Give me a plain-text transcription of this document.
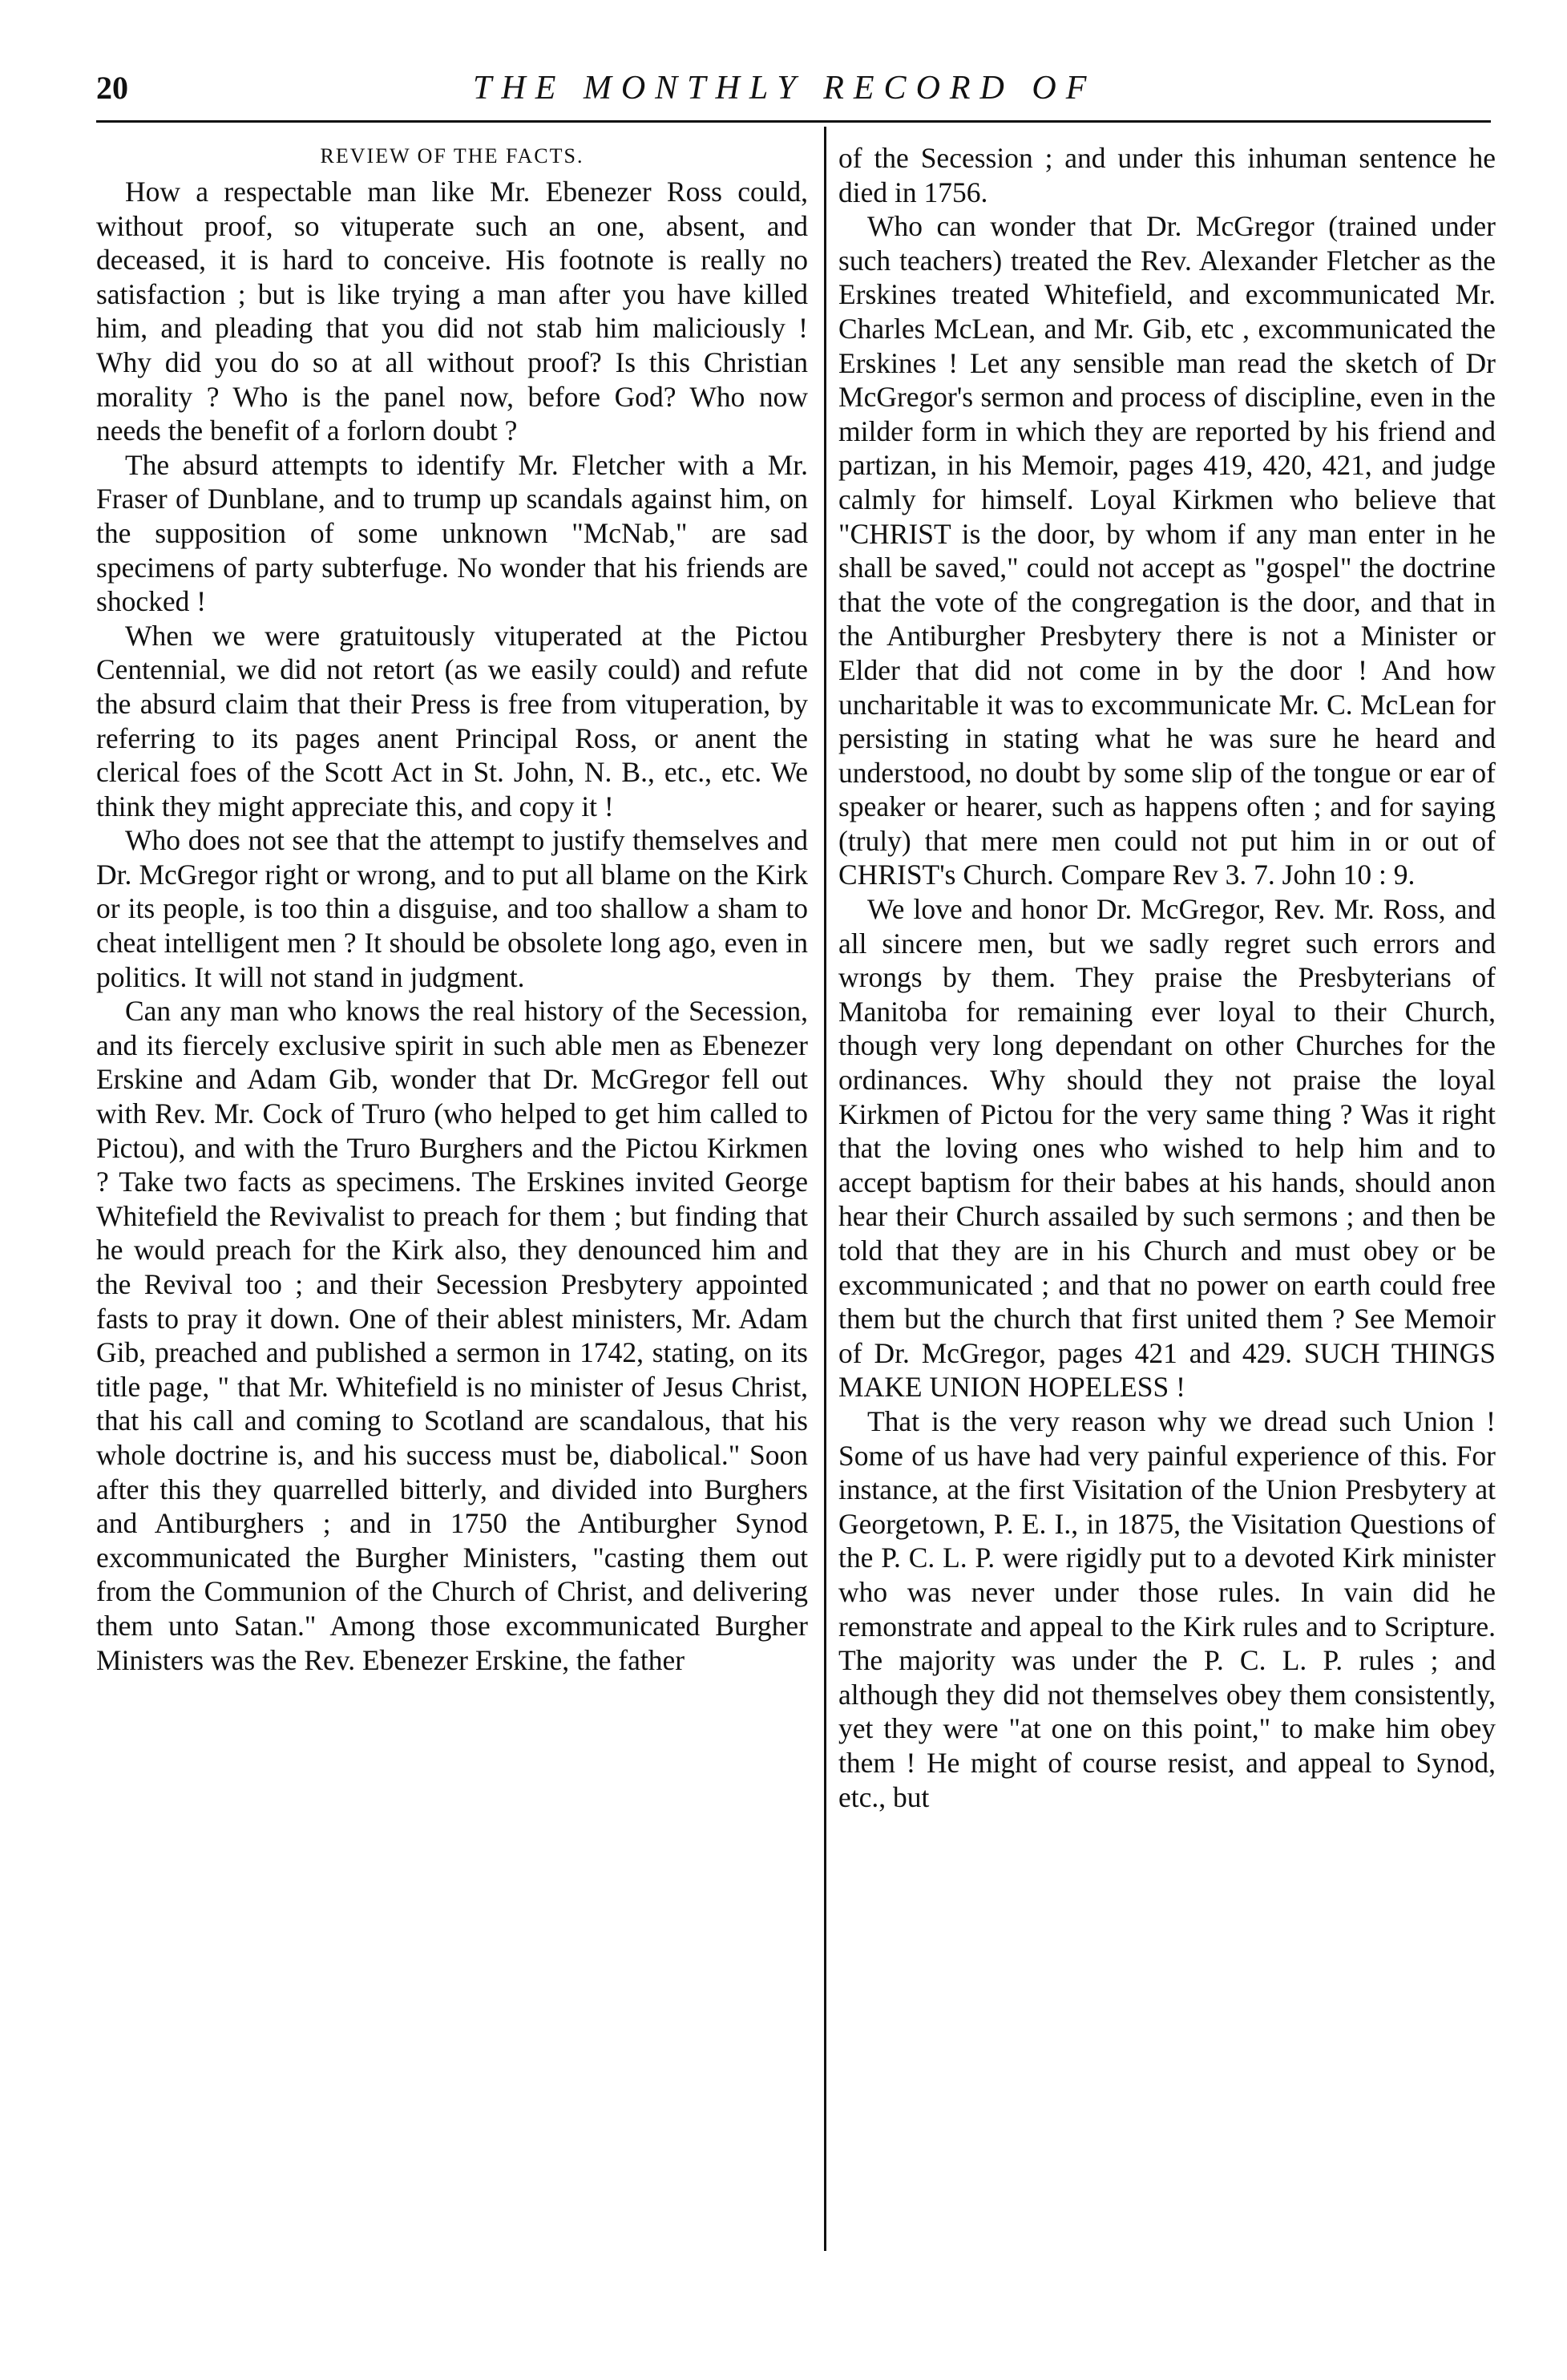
20	THE MONTHLY RECORD OF
REVIEW OF THE FACTS.

How a respectable man like Mr. Ebenezer Ross could, without proof, so vituperate such an one, absent, and deceased, it is hard to conceive. His footnote is really no satisfaction ; but is like trying a man after you have killed him, and pleading that you did not stab him maliciously ! Why did you do so at all without proof? Is this Christian morality ? Who is the panel now, before God? Who now needs the benefit of a forlorn doubt ?

The absurd attempts to identify Mr. Fletcher with a Mr. Fraser of Dunblane, and to trump up scandals against him, on the supposition of some unknown "McNab," are sad specimens of party subterfuge. No wonder that his friends are shocked !

When we were gratuitously vituperated at the Pictou Centennial, we did not retort (as we easily could) and refute the absurd claim that their Press is free from vituperation, by referring to its pages anent Principal Ross, or anent the clerical foes of the Scott Act in St. John, N. B., etc., etc. We think they might appreciate this, and copy it !

Who does not see that the attempt to justify themselves and Dr. McGregor right or wrong, and to put all blame on the Kirk or its people, is too thin a disguise, and too shallow a sham to cheat intelligent men ? It should be obsolete long ago, even in politics. It will not stand in judgment.

Can any man who knows the real history of the Secession, and its fiercely exclusive spirit in such able men as Ebenezer Erskine and Adam Gib, wonder that Dr. McGregor fell out with Rev. Mr. Cock of Truro (who helped to get him called to Pictou), and with the Truro Burghers and the Pictou Kirkmen ? Take two facts as specimens. The Erskines invited George Whitefield the Revivalist to preach for them ; but finding that he would preach for the Kirk also, they denounced him and the Revival too ; and their Secession Presbytery appointed fasts to pray it down. One of their ablest ministers, Mr. Adam Gib, preached and published a sermon in 1742, stating, on its title page, " that Mr. Whitefield is no minister of Jesus Christ, that his call and coming to Scotland are scandalous, that his whole doctrine is, and his success must be, diabolical." Soon after this they quarrelled bitterly, and divided into Burghers and Antiburghers ; and in 1750 the Antiburgher Synod excommunicated the Burgher Ministers, "casting them out from the Communion of the Church of Christ, and delivering them unto Satan." Among those excommunicated Burgher Ministers was the Rev. Ebenezer Erskine, the father

of the Secession ; and under this inhuman sentence he died in 1756.

Who can wonder that Dr. McGregor (trained under such teachers) treated the Rev. Alexander Fletcher as the Erskines treated Whitefield, and excommunicated Mr. Charles McLean, and Mr. Gib, etc , excommunicated the Erskines ! Let any sensible man read the sketch of Dr McGregor's sermon and process of discipline, even in the milder form in which they are reported by his friend and partizan, in his Memoir, pages 419, 420, 421, and judge calmly for himself. Loyal Kirkmen who believe that "CHRIST is the door, by whom if any man enter in he shall be saved," could not accept as "gospel" the doctrine that the vote of the congregation is the door, and that in the Antiburgher Presbytery there is not a Minister or Elder that did not come in by the door ! And how uncharitable it was to excommunicate Mr. C. McLean for persisting in stating what he was sure he heard and understood, no doubt by some slip of the tongue or ear of speaker or hearer, such as happens often ; and for saying (truly) that mere men could not put him in or out of CHRIST's Church. Compare Rev 3. 7. John 10 : 9.

We love and honor Dr. McGregor, Rev. Mr. Ross, and all sincere men, but we sadly regret such errors and wrongs by them. They praise the Presbyterians of Manitoba for remaining ever loyal to their Church, though very long dependant on other Churches for the ordinances. Why should they not praise the loyal Kirkmen of Pictou for the very same thing ? Was it right that the loving ones who wished to help him and to accept baptism for their babes at his hands, should anon hear their Church assailed by such sermons ; and then be told that they are in his Church and must obey or be excommunicated ; and that no power on earth could free them but the church that first united them ? See Memoir of Dr. McGregor, pages 421 and 429. SUCH THINGS MAKE UNION HOPELESS !

That is the very reason why we dread such Union ! Some of us have had very painful experience of this. For instance, at the first Visitation of the Union Presbytery at Georgetown, P. E. I., in 1875, the Visitation Questions of the P. C. L. P. were rigidly put to a devoted Kirk minister who was never under those rules. In vain did he remonstrate and appeal to the Kirk rules and to Scripture. The majority was under the P. C. L. P. rules ; and although they did not themselves obey them consistently, yet they were "at one on this point," to make him obey them ! He might of course resist, and appeal to Synod, etc., but
